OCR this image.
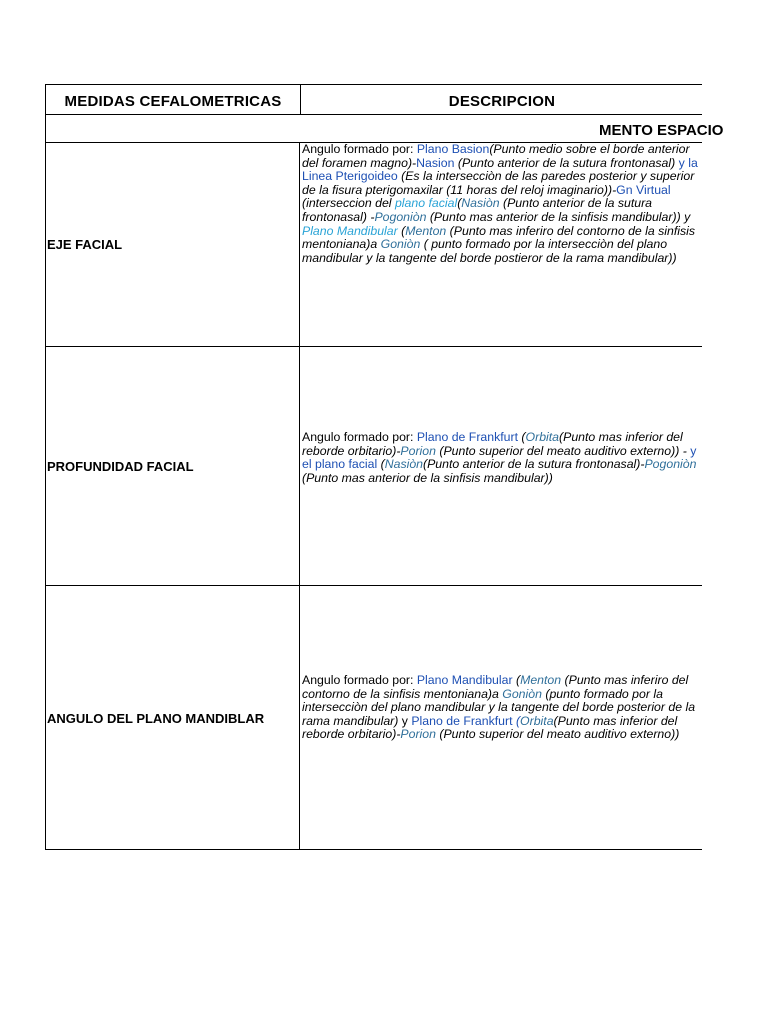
MEDIDAS CEFALOMETRICAS	DESCRIPCION
MENTO ESPACIO
EJE FACIAL
Angulo formado por: Plano Basion(Punto medio sobre el borde anterior del foramen magno)-Nasion (Punto anterior de la sutura frontonasal) y la Linea Pterigoideo (Es la intersecciòn de las paredes posterior y superior de la fisura pterigomaxilar (11 horas del reloj imaginario))-Gn Virtual (interseccion del plano facial(Nasiòn (Punto anterior de la sutura frontonasal) -Pogoniòn (Punto mas anterior de la sinfisis mandibular)) y Plano Mandibular (Menton (Punto mas inferiro del contorno de la sinfisis mentoniana)a Goniòn ( punto formado por la intersecciòn del plano mandibular y la tangente del borde postieror de la rama mandibular))
PROFUNDIDAD FACIAL
Angulo formado por: Plano de Frankfurt (Orbita(Punto mas inferior del reborde orbitario)-Porion (Punto superior del meato auditivo externo)) - y el plano facial (Nasiòn(Punto anterior de la sutura frontonasal)-Pogoniòn (Punto mas anterior de la sinfisis mandibular))
ANGULO DEL PLANO MANDIBLAR
Angulo formado por: Plano Mandibular (Menton (Punto mas inferiro del contorno de la sinfisis mentoniana)a Goniòn (punto formado por la intersecciòn del plano mandibular y la tangente del borde posterior de la rama mandibular) y Plano de Frankfurt (Orbita(Punto mas inferior del reborde orbitario)-Porion (Punto superior del meato auditivo externo))
